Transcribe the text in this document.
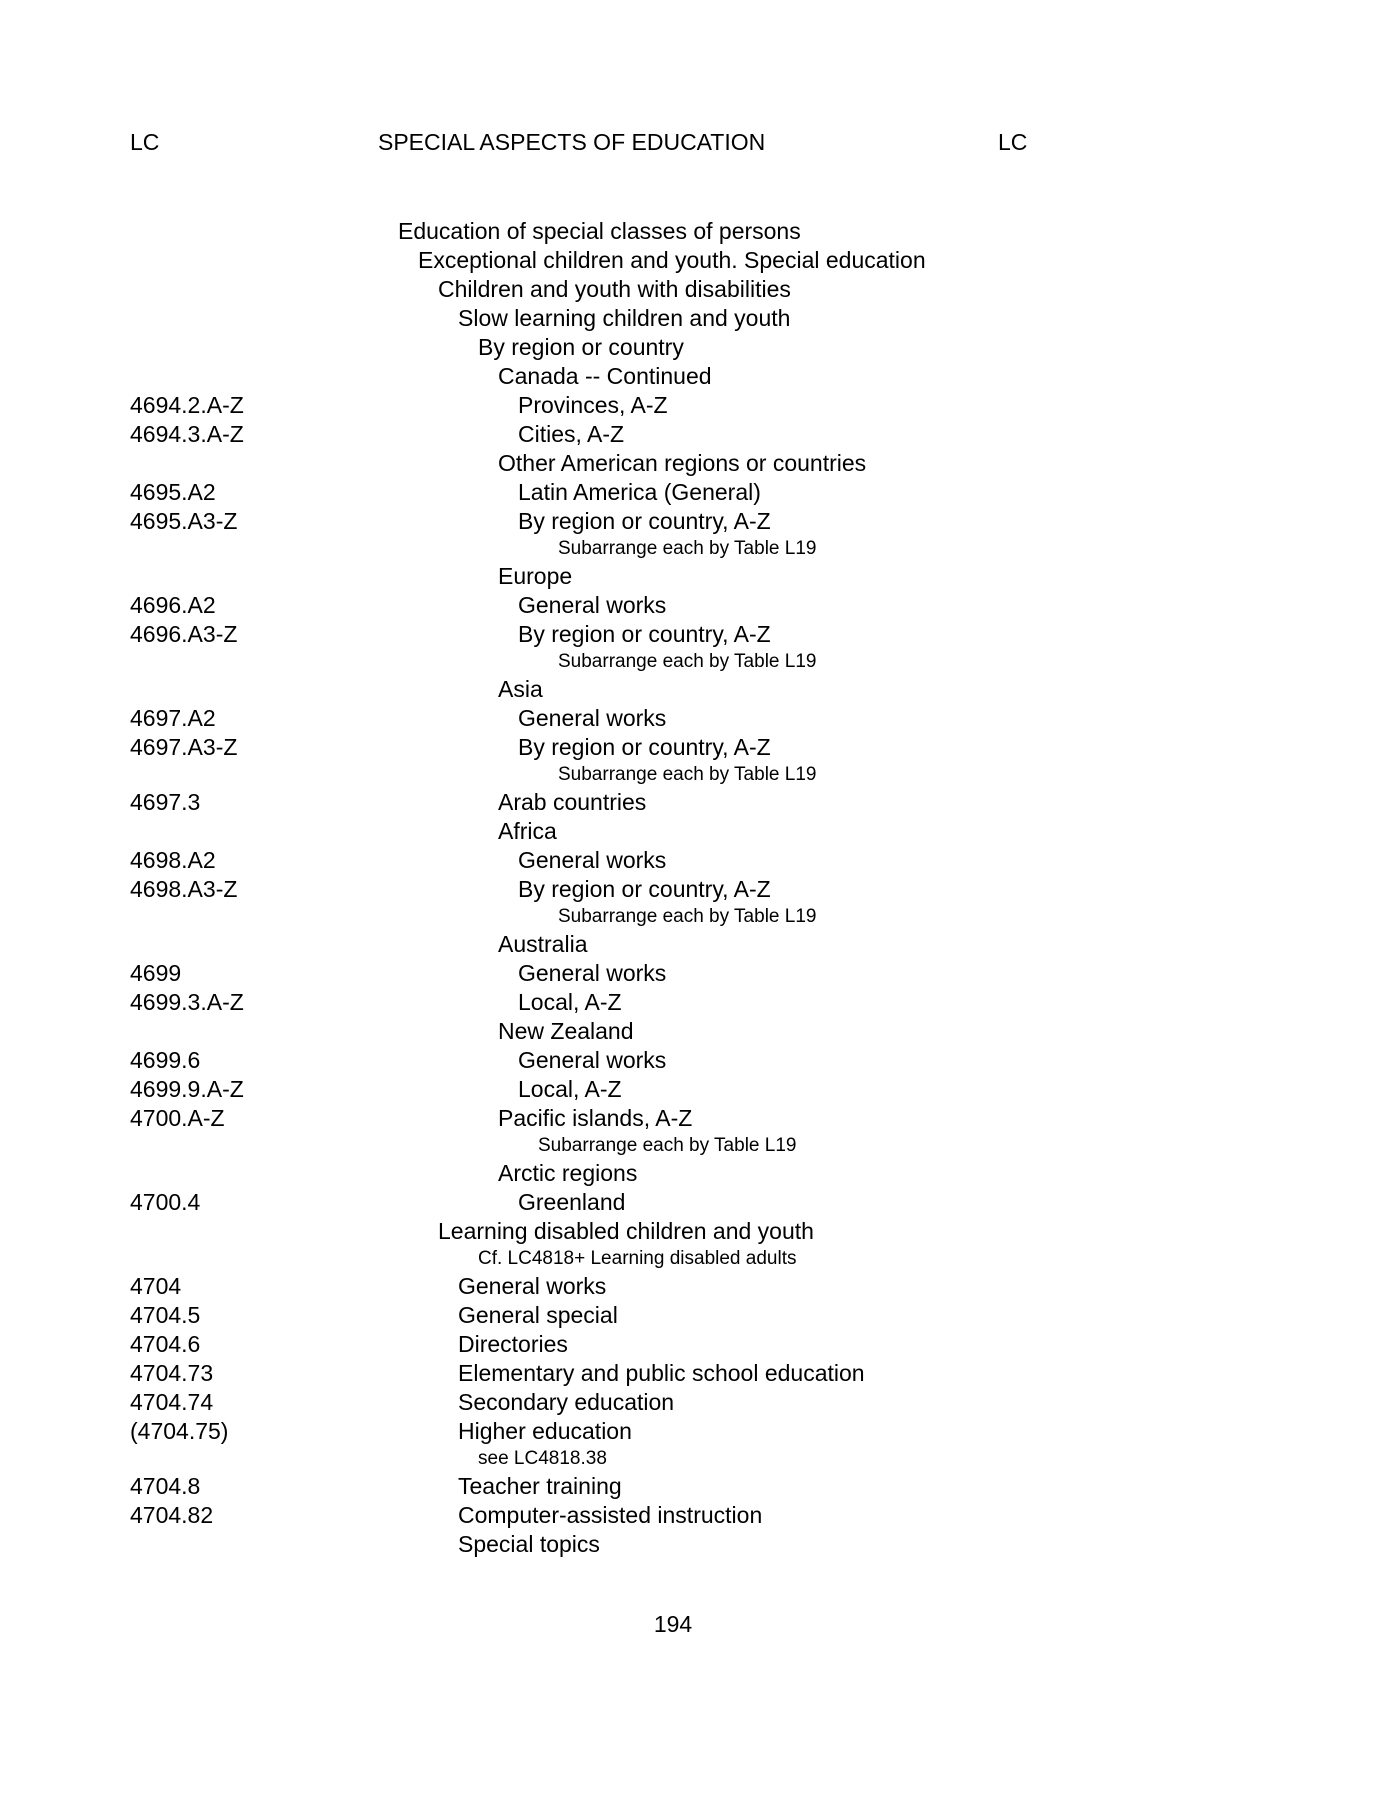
LC	SPECIAL ASPECTS OF EDUCATION	LC
Education of special classes of persons
Exceptional children and youth. Special education
Children and youth with disabilities
Slow learning children and youth
By region or country
Canada -- Continued
4694.2.A-Z	Provinces, A-Z
4694.3.A-Z	Cities, A-Z
Other American regions or countries
4695.A2	Latin America (General)
4695.A3-Z	By region or country, A-Z
Subarrange each by Table L19
Europe
4696.A2	General works
4696.A3-Z	By region or country, A-Z
Subarrange each by Table L19
Asia
4697.A2	General works
4697.A3-Z	By region or country, A-Z
Subarrange each by Table L19
4697.3	Arab countries
Africa
4698.A2	General works
4698.A3-Z	By region or country, A-Z
Subarrange each by Table L19
Australia
4699	General works
4699.3.A-Z	Local, A-Z
New Zealand
4699.6	General works
4699.9.A-Z	Local, A-Z
4700.A-Z	Pacific islands, A-Z
Subarrange each by Table L19
Arctic regions
4700.4	Greenland
Learning disabled children and youth
Cf. LC4818+ Learning disabled adults
4704	General works
4704.5	General special
4704.6	Directories
4704.73	Elementary and public school education
4704.74	Secondary education
(4704.75)	Higher education
see LC4818.38
4704.8	Teacher training
4704.82	Computer-assisted instruction
Special topics
194
